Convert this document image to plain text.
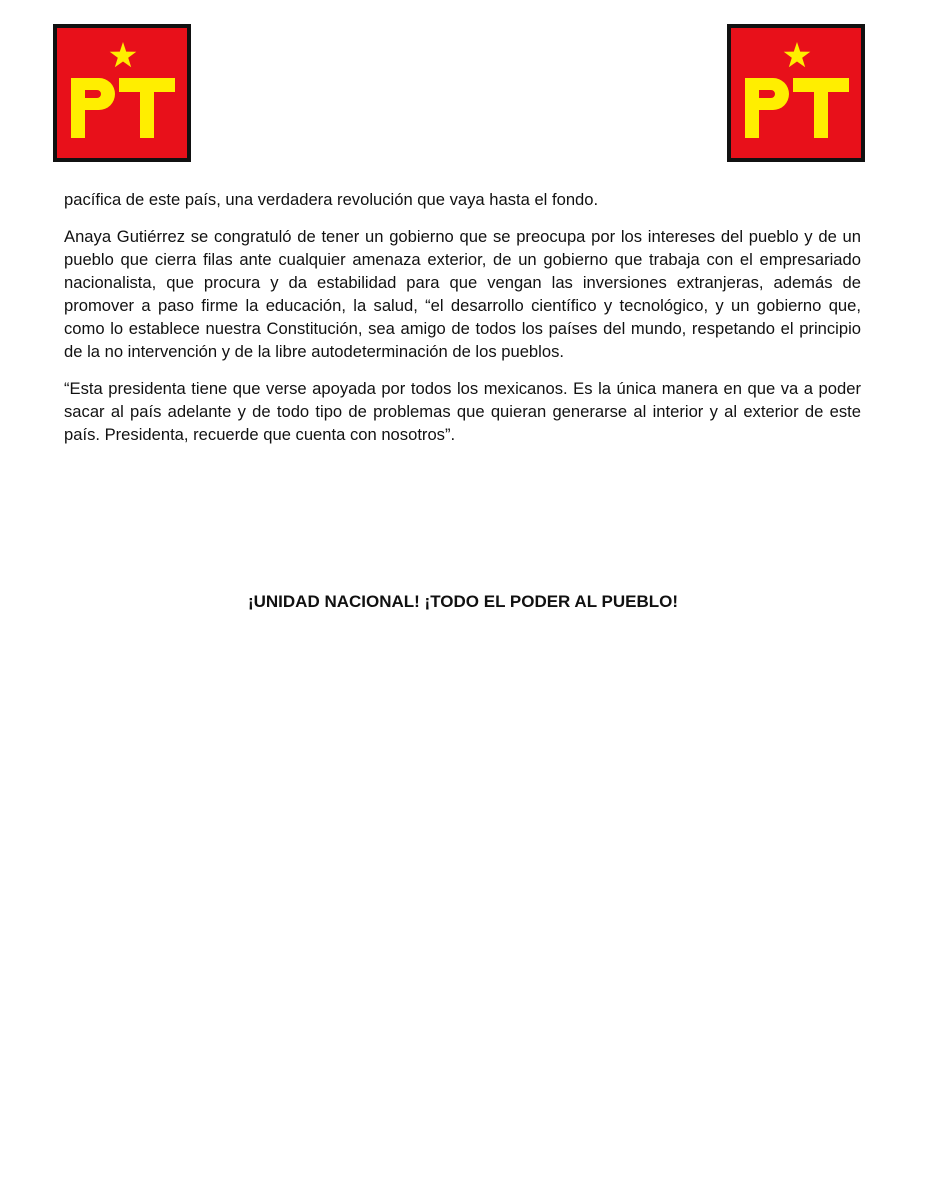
pacífica de este país, una verdadera revolución que vaya hasta el fondo.

Anaya Gutiérrez se congratuló de tener un gobierno que se preocupa por los intereses del pueblo y de un pueblo que cierra filas ante cualquier amenaza exterior, de un gobierno que trabaja con el empresariado nacionalista, que procura y da estabilidad para que vengan las inversiones extranjeras, además de promover a paso firme la educación, la salud, “el desarrollo científico y tecnológico, y un gobierno que, como lo establece nuestra Constitución, sea amigo de todos los países del mundo, respetando el principio de la no intervención y de la libre autodeterminación de los pueblos.

“Esta presidenta tiene que verse apoyada por todos los mexicanos. Es la única manera en que va a poder sacar al país adelante y de todo tipo de problemas que quieran generarse al interior y al exterior de este país. Presidenta, recuerde que cuenta con nosotros”.

¡UNIDAD NACIONAL! ¡TODO EL PODER AL PUEBLO!
